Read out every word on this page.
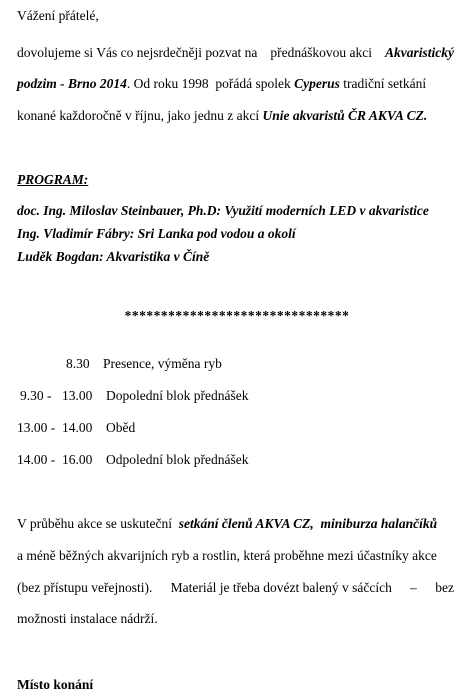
Vážení přátelé,
dovolujeme si Vás co nejsrdečněji pozvat na přednáškovou akci Akvaristický
podzim - Brno 2014. Od roku 1998 pořádá spolek Cyperus tradiční setkání
konané každoročně v říjnu, jako jednu z akcí Unie akvaristů ČR AKVA CZ.
PROGRAM:
doc. Ing. Miloslav Steinbauer, Ph.D: Využití moderních LED v akvaristice
Ing. Vladimír Fábry: Sri Lanka pod vodou a okolí
Luděk Bogdan: Akvaristika v Číně
*******************************
8.30 Presence, výměna ryb
9.30 - 13.00 Dopolední blok přednášek
13.00 - 14.00 Oběd
14.00 - 16.00 Odpolední blok přednášek
V průběhu akce se uskuteční setkání členů AKVA CZ, miniburza halančíků
a méně běžných akvarijních ryb a rostlin, která proběhne mezi účastníky akce
(bez přístupu veřejnosti). Materiál je třeba dovézt balený v sáčcích – bez
možnosti instalace nádrží.
Místo konání
